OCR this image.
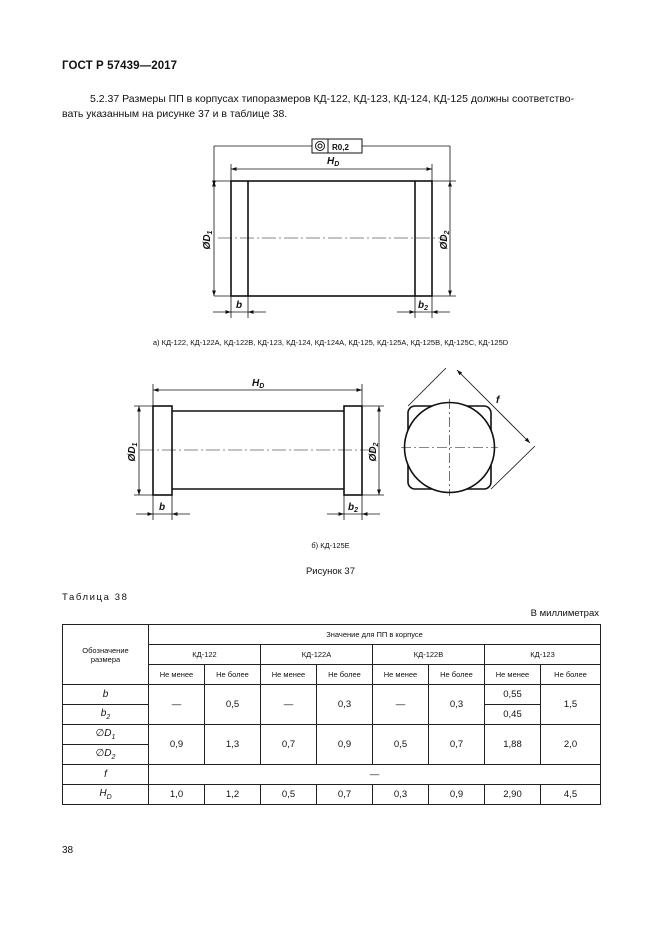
ГОСТ Р 57439—2017
5.2.37 Размеры ПП в корпусах типоразмеров КД-122, КД-123, КД-124, КД-125 должны соответство-
вать указанным на рисунке 37 и в таблице 38.
R0,2
$H_D$
$ØD_1$
$ØD_2$
b	$b_2$
$H_D$
$ØD_1$
$ØD_2$
b	$b_2$
f
а) КД-122, КД-122А, КД-122В, КД-123, КД-124, КД-124А, КД-125, КД-125А, КД-125В, КД-125С, КД-125D
б) КД-125Е
Рисунок 37
Таблица 38
В миллиметрах
Обозначение размера	Значение для ПП в корпусе							
	КД-122		КД-122А		КД-122В		КД-123	
	Не менее	Не более	Не менее	Не более	Не менее	Не более	Не менее	Не более
b	—	0,5	—	0,3	—	0,3	0,55	1,5
$b_2$							0,45	
$\emptyset D_1$	0,9	1,3	0,7	0,9	0,5	0,7	1,88	2,0
$\emptyset D_2$
f	—							
$H_D$	1,0	1,2	0,5	0,7	0,3	0,9	2,90	4,5
38
